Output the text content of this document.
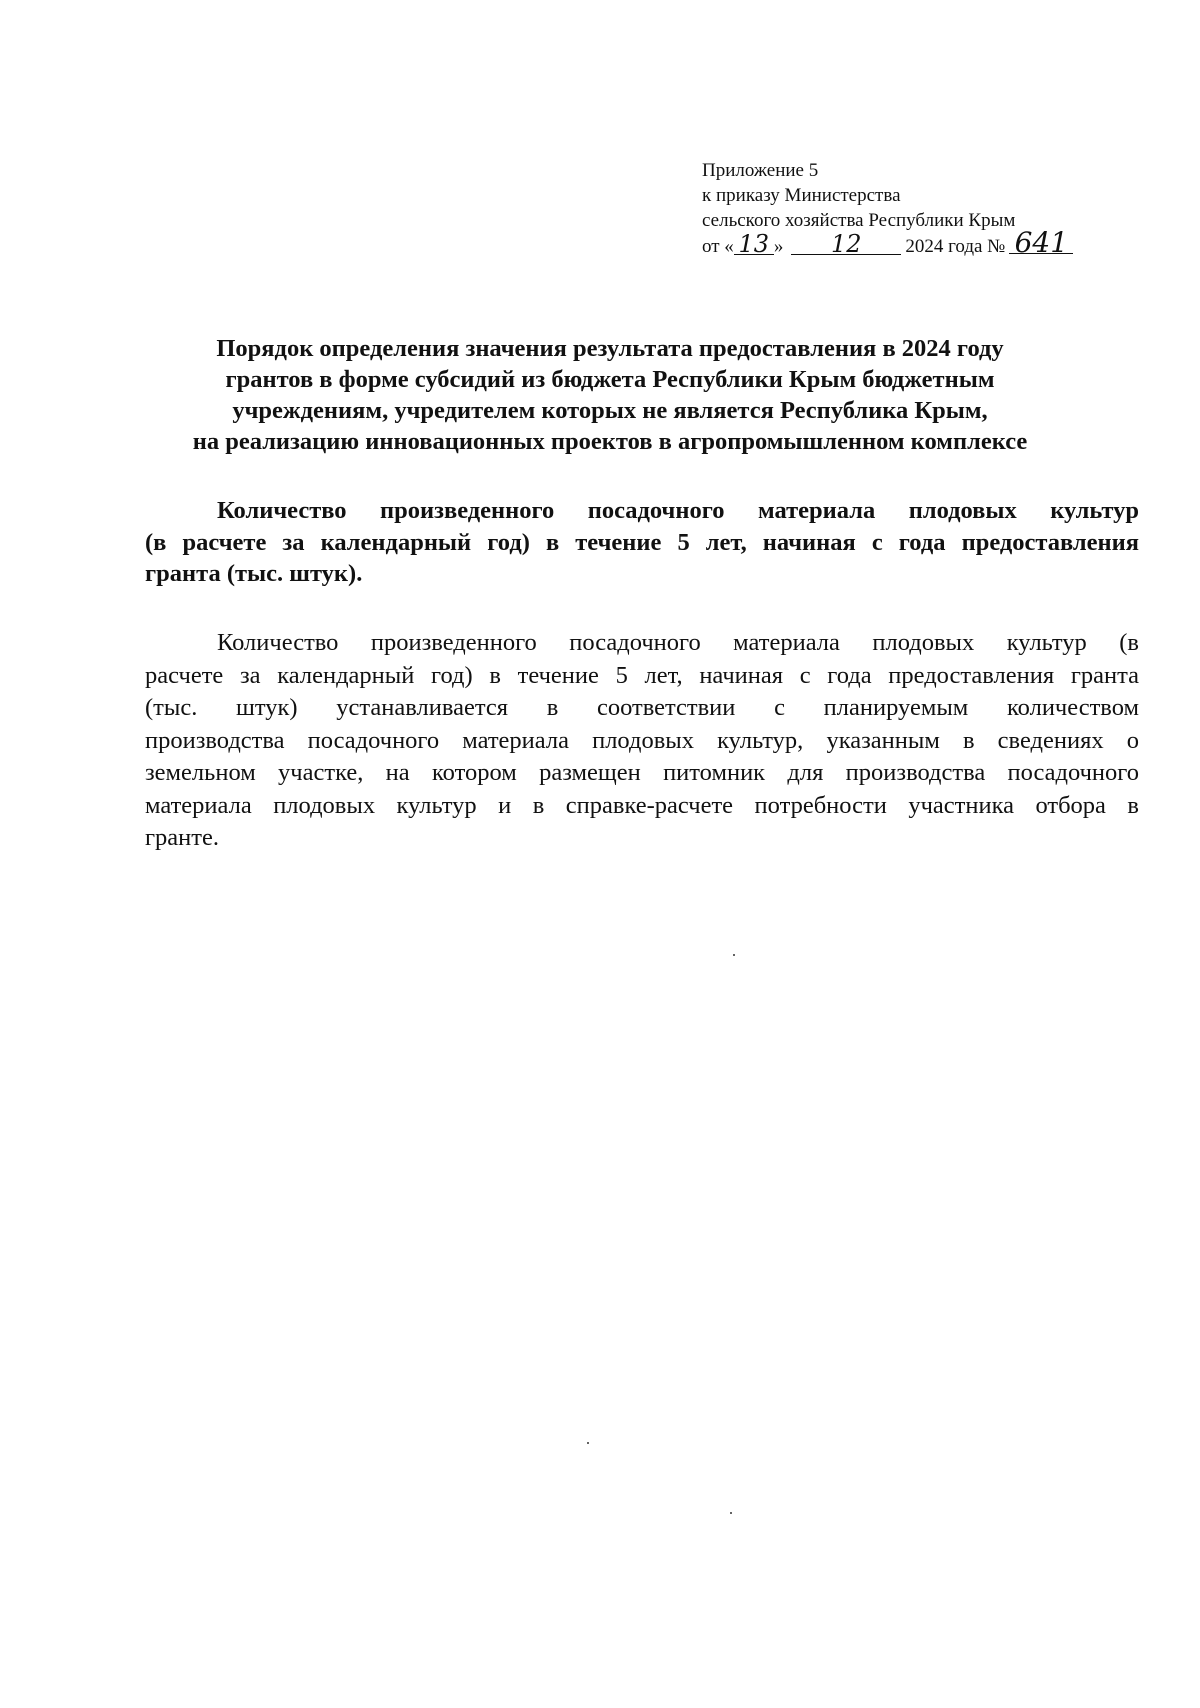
Приложение 5
к приказу Министерства
сельского хозяйства Республики Крым
от « 13 » 12 2024 года № 641
Порядок определения значения результата предоставления в 2024 году
грантов в форме субсидий из бюджета Республики Крым бюджетным
учреждениям, учредителем которых не является Республика Крым,
на реализацию инновационных проектов в агропромышленном комплексе
Количество произведенного посадочного материала плодовых культур
(в расчете за календарный год) в течение 5 лет, начиная с года предоставления
гранта (тыс. штук).
Количество произведенного посадочного материала плодовых культур (в
расчете за календарный год) в течение 5 лет, начиная с года предоставления гранта
(тыс. штук) устанавливается в соответствии с планируемым количеством
производства посадочного материала плодовых культур, указанным в сведениях о
земельном участке, на котором размещен питомник для производства посадочного
материала плодовых культур и в справке-расчете потребности участника отбора в
гранте.
